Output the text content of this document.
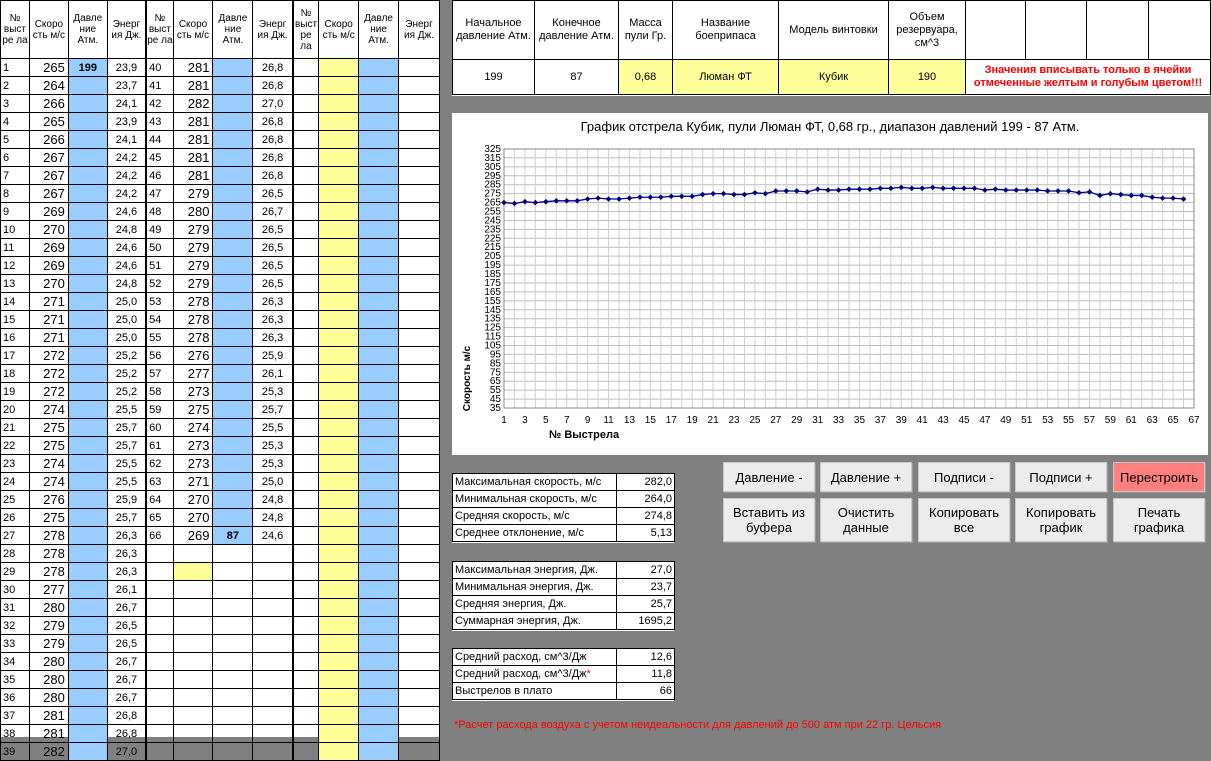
№ выст ре ла	Скоро сть м/с	Давле ние Атм.	Энерг ия Дж.	№ выст ре ла	Скоро сть м/с	Давле ние Атм.	Энерг ия Дж.	№ выст ре ла	Скоро сть м/с	Давле ние Атм.	Энерг ия Дж.
1	265	199	23,9	40	281		26,8				
2	264		23,7	41	281		26,8				
3	266		24,1	42	282		27,0				
4	265		23,9	43	281		26,8				
5	266		24,1	44	281		26,8				
6	267		24,2	45	281		26,8				
7	267		24,2	46	281		26,8				
8	267		24,2	47	279		26,5				
9	269		24,6	48	280		26,7				
10	270		24,8	49	279		26,5				
11	269		24,6	50	279		26,5				
12	269		24,6	51	279		26,5				
13	270		24,8	52	279		26,5				
14	271		25,0	53	278		26,3				
15	271		25,0	54	278		26,3				
16	271		25,0	55	278		26,3				
17	272		25,2	56	276		25,9				
18	272		25,2	57	277		26,1				
19	272		25,2	58	273		25,3				
20	274		25,5	59	275		25,7				
21	275		25,7	60	274		25,5				
22	275		25,7	61	273		25,3				
23	274		25,5	62	273		25,3				
24	274		25,5	63	271		25,0				
25	276		25,9	64	270		24,8				
26	275		25,7	65	270		24,8				
27	278		26,3	66	269	87	24,6				
28	278		26,3								
29	278		26,3								
30	277		26,1								
31	280		26,7								
32	279		26,5								
33	279		26,5								
34	280		26,7								
35	280		26,7								
36	280		26,7								
37	281		26,8								
38	281		26,8								
39	282		27,0								
Начальное давление Атм.	Конечное давление Атм.	Масса пули Гр.	Название боеприпаса	Модель винтовки	Объем резервуара, см^3				
199	87	0,68	Люман ФТ	Кубик	190	Значения вписывать только в ячейки отмеченные желтым и голубым цветом!!!			
График отстрела Кубик, пули Люман ФТ, 0,68 гр., диапазон давлений 199 - 87 Атм.
35
45
55
65
75
85
95
105
115
125
135
145
155
165
175
185
195
205
215
225
235
245
255
265
275
285
295
305
315
325
1 3 5 7 9 11 13 15 17 19 21 23 25 27 29 31 33 35 37 39 41 43 45 47 49 51 53 55 57 59 61 63 65 67
№ Выстрела
Скорость м/с
Максимальная скорость, м/с	282,0
Минимальная скорость, м/с	264,0
Средняя скорость, м/с	274,8
Среднее отклонение, м/с	5,13
Максимальная энергия, Дж.	27,0
Минимальная энергия, Дж.	23,7
Средняя энергия, Дж.	25,7
Суммарная энергия, Дж.	1695,2
Средний расход, см^3/Дж	12,6
Средний расход, см^3/Дж*	11,8
Выстрелов в плато	66
Давление -	Давление +	Подписи -	Подписи +	Перестроить
Вставить из буфера
Очистить данные
Копировать все
Копировать график
Печать графика
*Расчет расхода воздуха с учетом неидеальности для давлений до 500 атм при 22 гр. Цельсия
